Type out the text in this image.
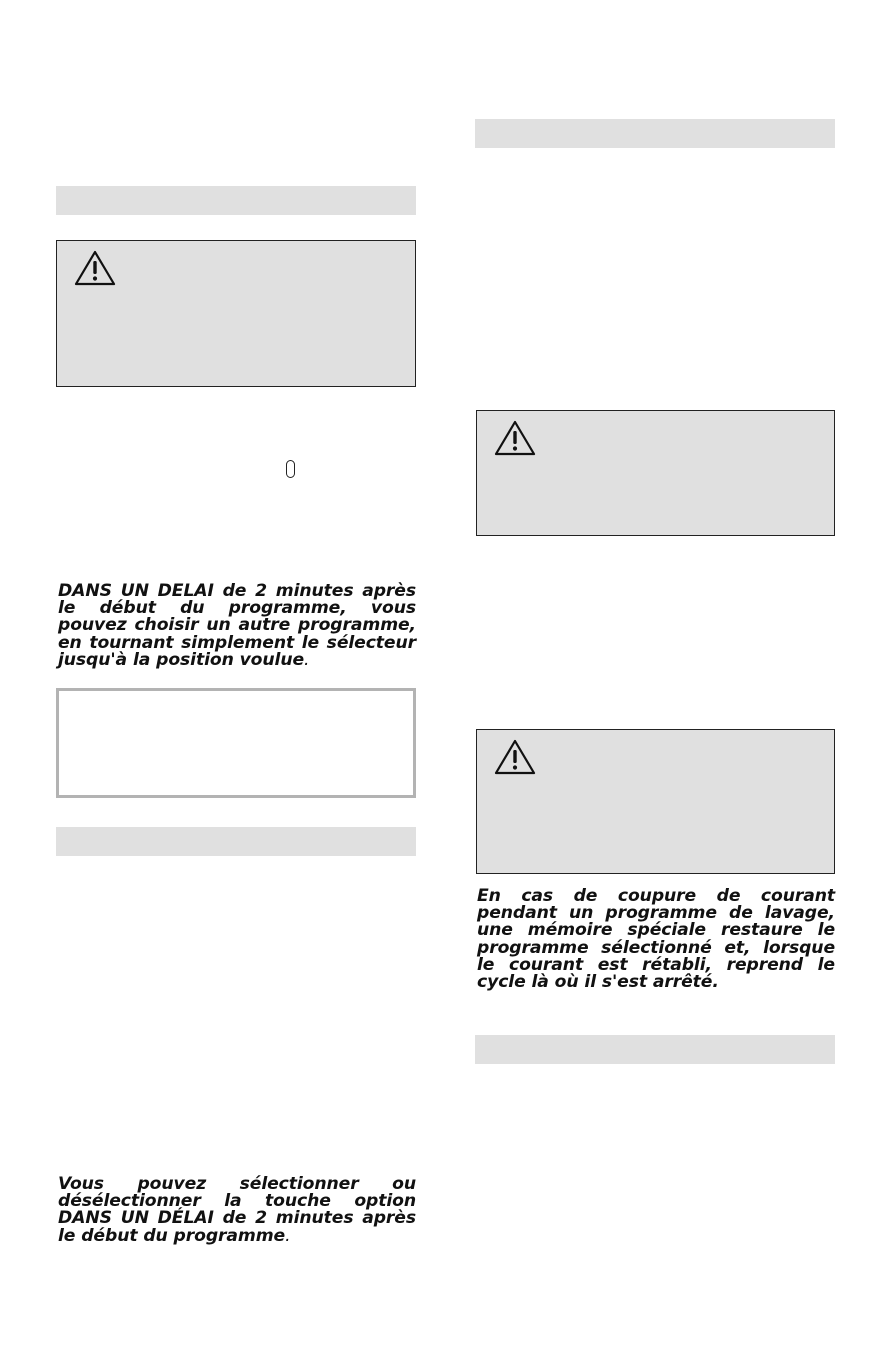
DANS UN DELAI de 2 minutes après le début du programme, vous pouvez choisir un autre programme, en tournant simplement le sélecteur jusqu'à la position voulue.

Vous pouvez sélectionner ou désélectionner la touche option DANS UN DÉLAI de 2 minutes après le début du programme.

En cas de coupure de courant pendant un programme de lavage, une mémoire spéciale restaure le programme sélectionné et, lorsque le courant est rétabli, reprend le cycle là où il s'est arrêté.
